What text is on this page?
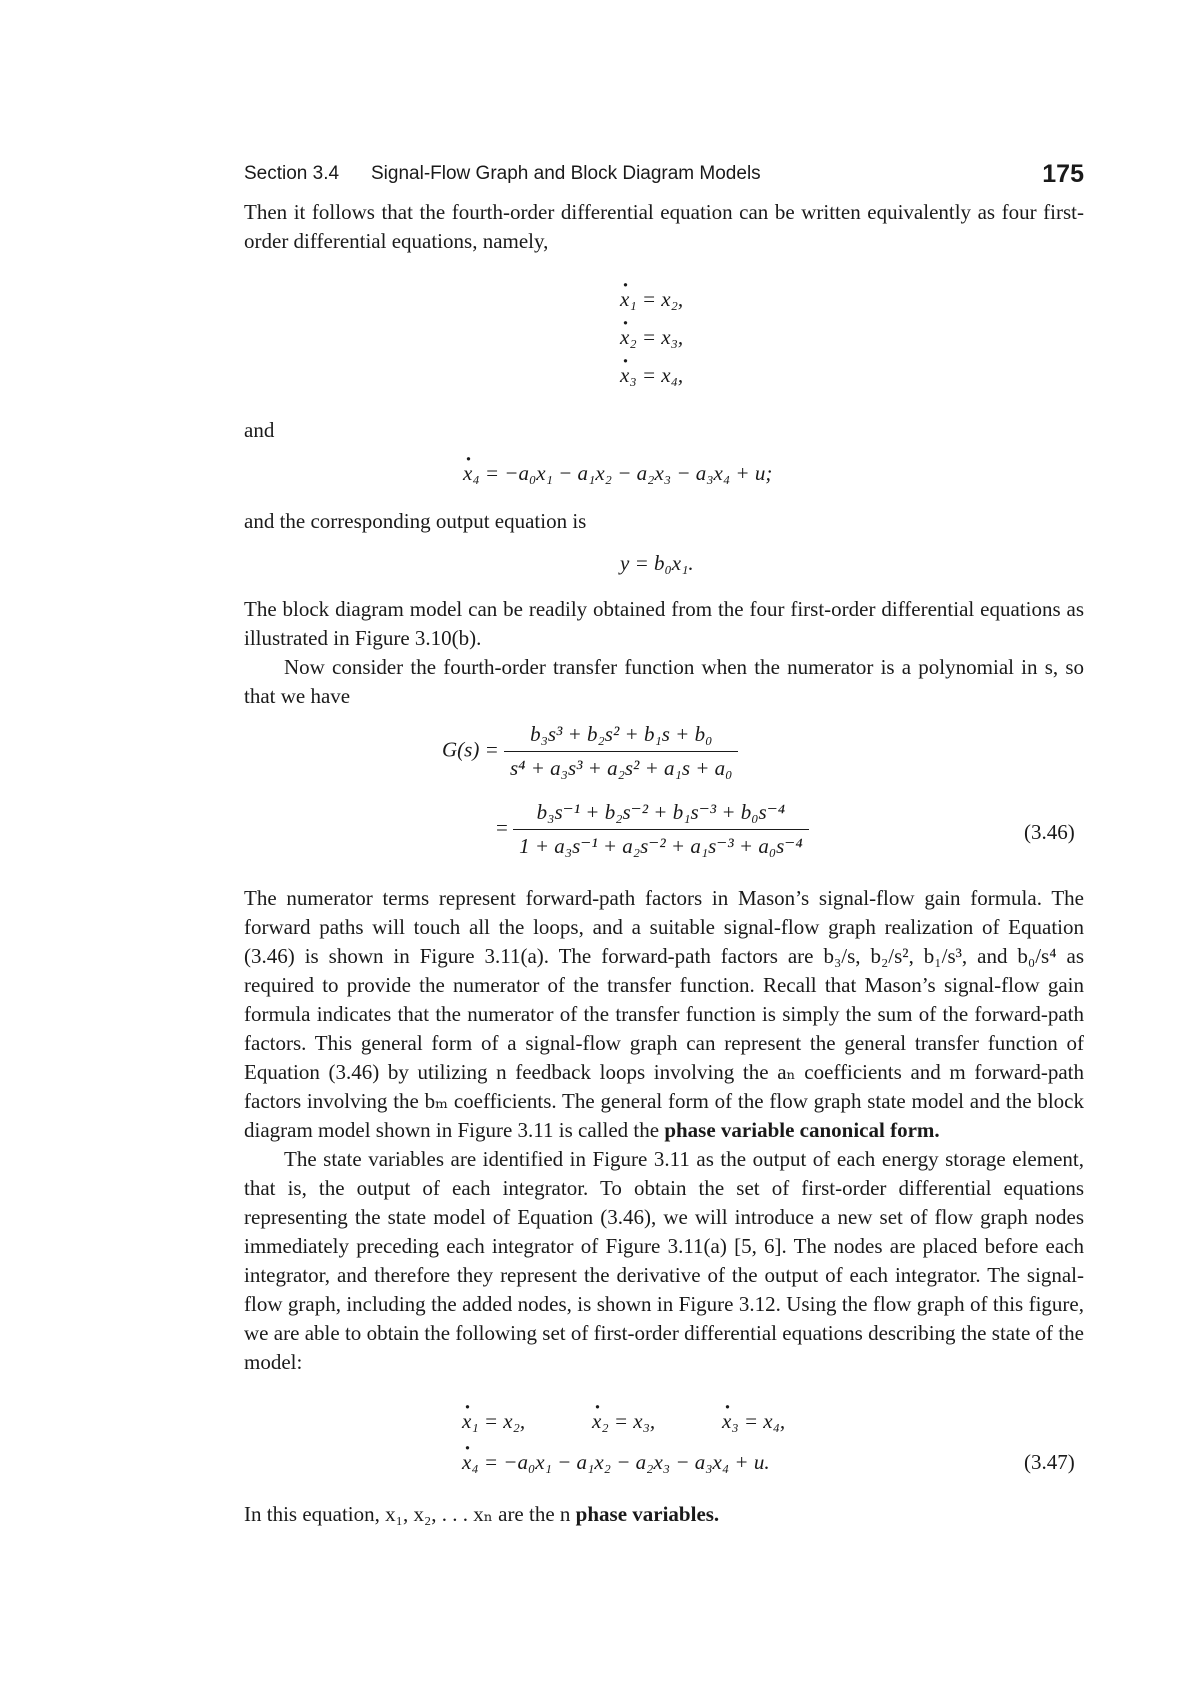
Section 3.4 Signal-Flow Graph and Block Diagram Models	175

Then it follows that the fourth-order differential equation can be written equivalently as four first-order differential equations, namely,

· x₁ = x₂,
· x₂ = x₃,
· x₃ = x₄,

and

· x₄ = −a₀x₁ − a₁x₂ − a₂x₃ − a₃x₄ + u;

and the corresponding output equation is

y = b₀x₁.

The block diagram model can be readily obtained from the four first-order differential equations as illustrated in Figure 3.10(b).

Now consider the fourth-order transfer function when the numerator is a polynomial in s, so that we have

$G(s) = \frac{\text{b₃s³ + b₂s² + b₁s + b₀}}{\text{s⁴ + a₃s³ + a₂s² + a₁s + a₀}}$
= $\frac{\text{b₃s⁻¹ + b₂s⁻² + b₁s⁻³ + b₀s⁻⁴}}{\text{1 + a₃s⁻¹ + a₂s⁻² + a₁s⁻³ + a₀s⁻⁴}}$	(3.46)

The numerator terms represent forward-path factors in Mason’s signal-flow gain formula. The forward paths will touch all the loops, and a suitable signal-flow graph realization of Equation (3.46) is shown in Figure 3.11(a). The forward-path factors are b₃/s, b₂/s², b₁/s³, and b₀/s⁴ as required to provide the numerator of the transfer function. Recall that Mason’s signal-flow gain formula indicates that the numerator of the transfer function is simply the sum of the forward-path factors. This general form of a signal-flow graph can represent the general transfer function of Equation (3.46) by utilizing n feedback loops involving the aₙ coefficients and m forward-path factors involving the bₘ coefficients. The general form of the flow graph state model and the block diagram model shown in Figure 3.11 is called the phase variable canonical form.

The state variables are identified in Figure 3.11 as the output of each energy storage element, that is, the output of each integrator. To obtain the set of first-order differential equations representing the state model of Equation (3.46), we will introduce a new set of flow graph nodes immediately preceding each integrator of Figure 3.11(a) [5, 6]. The nodes are placed before each integrator, and therefore they represent the derivative of the output of each integrator. The signal-flow graph, including the added nodes, is shown in Figure 3.12. Using the flow graph of this figure, we are able to obtain the following set of first-order differential equations describing the state of the model:

· x₁ = x₂,	· x₂ = x₃,	· x₃ = x₄,
· x₄ = −a₀x₁ − a₁x₂ − a₂x₃ − a₃x₄ + u.	(3.47)

In this equation, x₁, x₂, . . . xₙ are the n phase variables.
